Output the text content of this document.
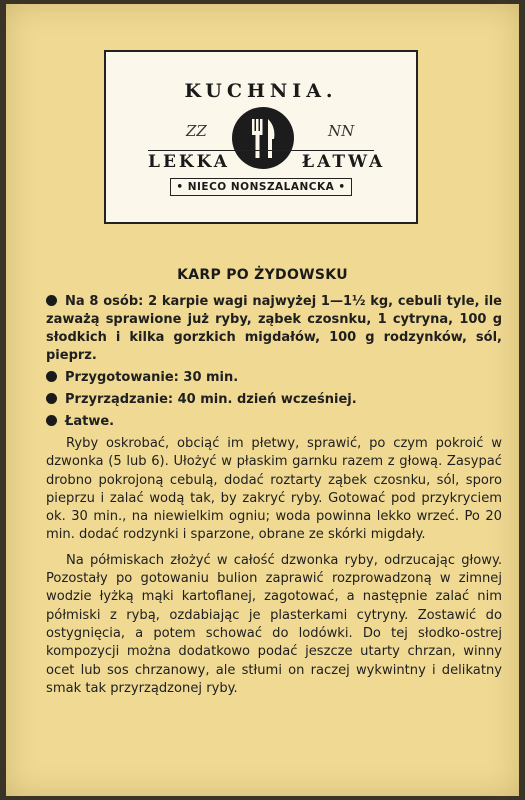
KUCHNIA.
ZZ	NN
LEKKA	ŁATWA
• NIECO NONSZALANCKA •
KARP PO ŻYDOWSKU

Na 8 osób: 2 karpie wagi najwyżej 1—1½ kg, cebuli tyle, ile zaważą sprawione już ryby, ząbek czosnku, 1 cytryna, 100 g słodkich i kilka gorzkich migdałów, 100 g rodzynków, sól, pieprz.

Przygotowanie: 30 min.

Przyrządzanie: 40 min. dzień wcześniej.

Łatwe.

Ryby oskrobać, obciąć im płetwy, sprawić, po czym pokroić w dzwonka (5 lub 6). Ułożyć w płaskim garnku razem z głową. Zasypać drobno pokrojoną cebulą, dodać roztarty ząbek czosnku, sól, sporo pieprzu i zalać wodą tak, by zakryć ryby. Gotować pod przykryciem ok. 30 min., na niewielkim ogniu; woda powinna lekko wrzeć. Po 20 min. dodać rodzynki i sparzone, obrane ze skórki migdały.

Na półmiskach złożyć w całość dzwonka ryby, odrzucając głowy. Pozostały po gotowaniu bulion zaprawić rozprowadzoną w zimnej wodzie łyżką mąki kartoflanej, zagotować, a następnie zalać nim półmiski z rybą, ozdabiając je plasterkami cytryny. Zostawić do ostygnięcia, a potem schować do lodówki. Do tej słodko-ostrej kompozycji można dodatkowo podać jeszcze utarty chrzan, winny ocet lub sos chrzanowy, ale stłumi on raczej wykwintny i delikatny smak tak przyrządzonej ryby.
